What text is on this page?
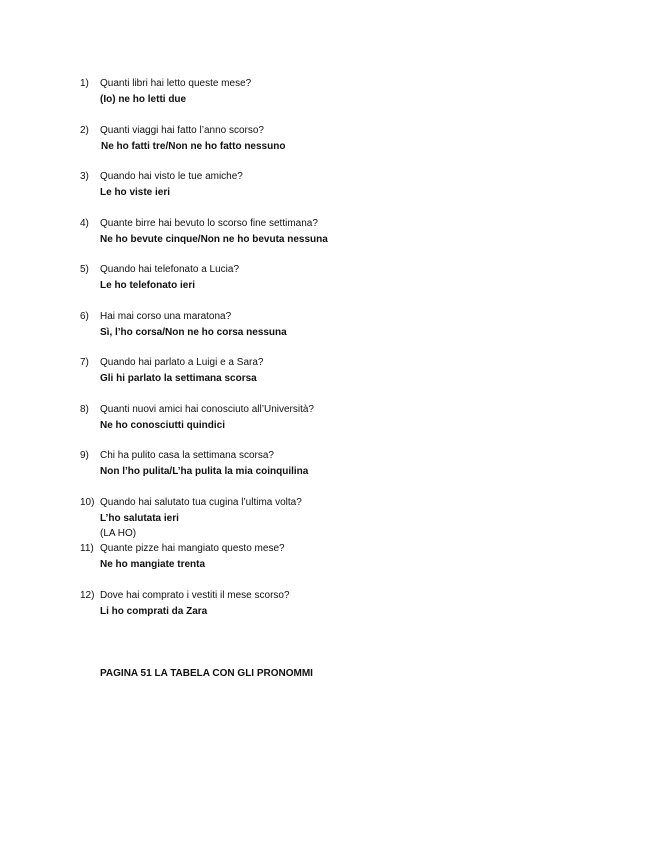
1)	Quanti libri hai letto queste mese?
(Io) ne ho letti due
2)	Quanti viaggi hai fatto l’anno scorso?
Ne ho fatti tre/Non ne ho fatto nessuno
3)	Quando hai visto le tue amiche?
Le ho viste ieri
4)	Quante birre hai bevuto lo scorso fine settimana?
Ne ho bevute cinque/Non ne ho bevuta nessuna
5)	Quando hai telefonato a Lucia?
Le ho telefonato ieri
6)	Hai mai corso una maratona?
Sì, l’ho corsa/Non ne ho corsa nessuna
7)	Quando hai parlato a Luigi e a Sara?
Gli hi parlato la settimana scorsa
8)	Quanti nuovi amici hai conosciuto all’Università?
Ne ho conosciutti quindici
9)	Chi ha pulito casa la settimana scorsa?
Non l’ho pulita/L’ha pulita la mia coinquilina
10) Quando hai salutato tua cugina l’ultima volta?
L’ho salutata ieri
(LA HO)
11) Quante pizze hai mangiato questo mese?
Ne ho mangiate trenta
12) Dove hai comprato i vestiti il mese scorso?
Li ho comprati da Zara
PAGINA 51 LA TABELA CON GLI PRONOMMI
